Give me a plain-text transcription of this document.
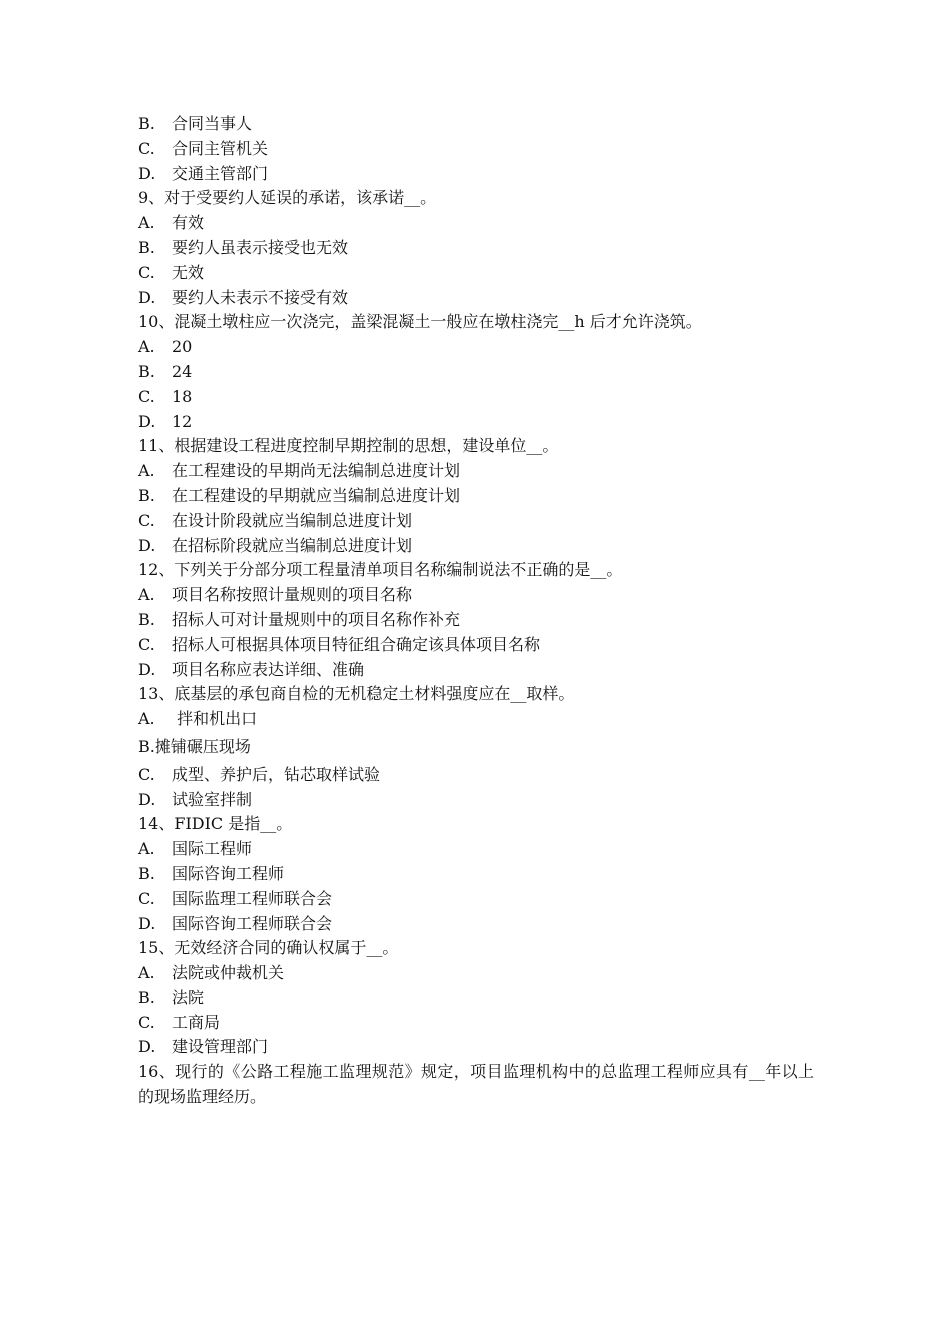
B. 合同当事人
C. 合同主管机关
D. 交通主管部门
9、对于受要约人延误的承诺，该承诺__。
A. 有效
B. 要约人虽表示接受也无效
C. 无效
D. 要约人未表示不接受有效
10、混凝土墩柱应一次浇完，盖梁混凝土一般应在墩柱浇完__h 后才允许浇筑。
A. 20
B. 24
C. 18
D. 12
11、根据建设工程进度控制早期控制的思想，建设单位__。
A. 在工程建设的早期尚无法编制总进度计划
B. 在工程建设的早期就应当编制总进度计划
C. 在设计阶段就应当编制总进度计划
D. 在招标阶段就应当编制总进度计划
12、下列关于分部分项工程量清单项目名称编制说法不正确的是__。
A. 项目名称按照计量规则的项目名称
B. 招标人可对计量规则中的项目名称作补充
C. 招标人可根据具体项目特征组合确定该具体项目名称
D. 项目名称应表达详细、准确
13、底基层的承包商自检的无机稳定土材料强度应在__取样。
A. 拌和机出口
B.摊铺碾压现场
C. 成型、养护后，钻芯取样试验
D. 试验室拌制
14、FIDIC 是指__。
A. 国际工程师
B. 国际咨询工程师
C. 国际监理工程师联合会
D. 国际咨询工程师联合会
15、无效经济合同的确认权属于__。
A. 法院或仲裁机关
B. 法院
C. 工商局
D. 建设管理部门
16、现行的《公路工程施工监理规范》规定，项目监理机构中的总监理工程师应具有__年以上的现场监理经历。
